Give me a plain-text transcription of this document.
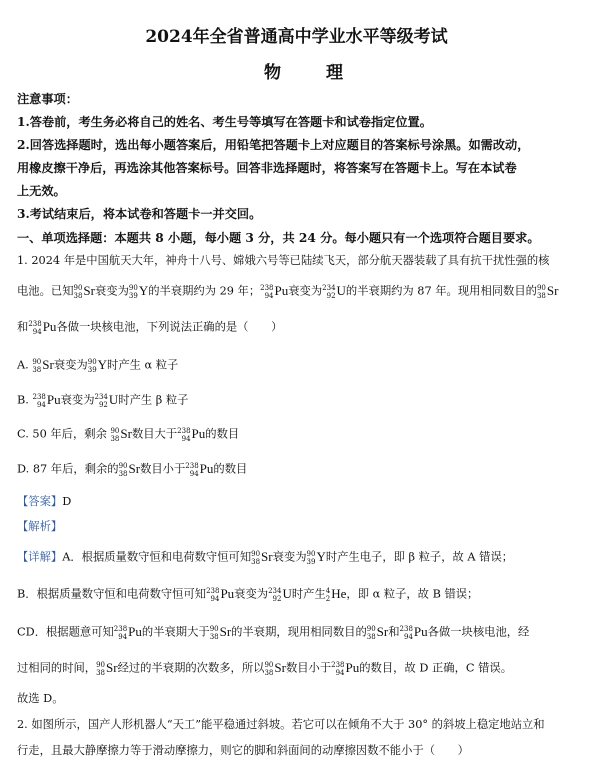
2024年全省普通高中学业水平等级考试
物　理
注意事项：
1.答卷前，考生务必将自己的姓名、考生号等填写在答题卡和试卷指定位置。
2.回答选择题时，选出每小题答案后，用铅笔把答题卡上对应题目的答案标号涂黑。如需改动，
用橡皮擦干净后，再选涂其他答案标号。回答非选择题时，将答案写在答题卡上。写在本试卷
上无效。
3.考试结束后，将本试卷和答题卡一并交回。
一、单项选择题：本题共 8 小题，每小题 3 分，共 24 分。每小题只有一个选项符合题目要求。
1. 2024 年是中国航天大年，神舟十八号、嫦娥六号等已陆续飞天，部分航天器装载了具有抗干扰性强的核
电池。已知 90
38 Sr衰变为 90
39 Y的半衰期约为 29 年； 238
94 Pu衰变为 234
92 U的半衰期约为 87 年。现用相同数目的 90
38 Sr
和 238
94 Pu各做一块核电池，下列说法正确的是（　　）
A. 90
38 Sr衰变为 90
39 Y时产生 α 粒子
B. 238
94 Pu衰变为 234
92 U时产生 β 粒子
C. 50 年后，剩余 90
38 Sr数目大于 238
94 Pu的数目
D. 87 年后，剩余的 90
38 Sr数目小于 238
94 Pu的数目
【答案】D
【解析】
【详解】A．根据质量数守恒和电荷数守恒可知 90
38 Sr衰变为 90
39 Y时产生电子，即 β 粒子，故 A 错误；
B．根据质量数守恒和电荷数守恒可知 238
94 Pu衰变为 234
92 U时产生 4
2 He，即 α 粒子，故 B 错误；
CD．根据题意可知 238
94 Pu的半衰期大于 90
38 Sr的半衰期，现用相同数目的 90
38 Sr和 238
94 Pu各做一块核电池，经
过相同的时间， 90
38 Sr经过的半衰期的次数多，所以 90
38 Sr数目小于 238
94 Pu的数目，故 D 正确，C 错误。
故选 D。
2. 如图所示，国产人形机器人“天工”能平稳通过斜坡。若它可以在倾角不大于 30° 的斜坡上稳定地站立和
行走，且最大静摩擦力等于滑动摩擦力，则它的脚和斜面间的动摩擦因数不能小于（　　）
